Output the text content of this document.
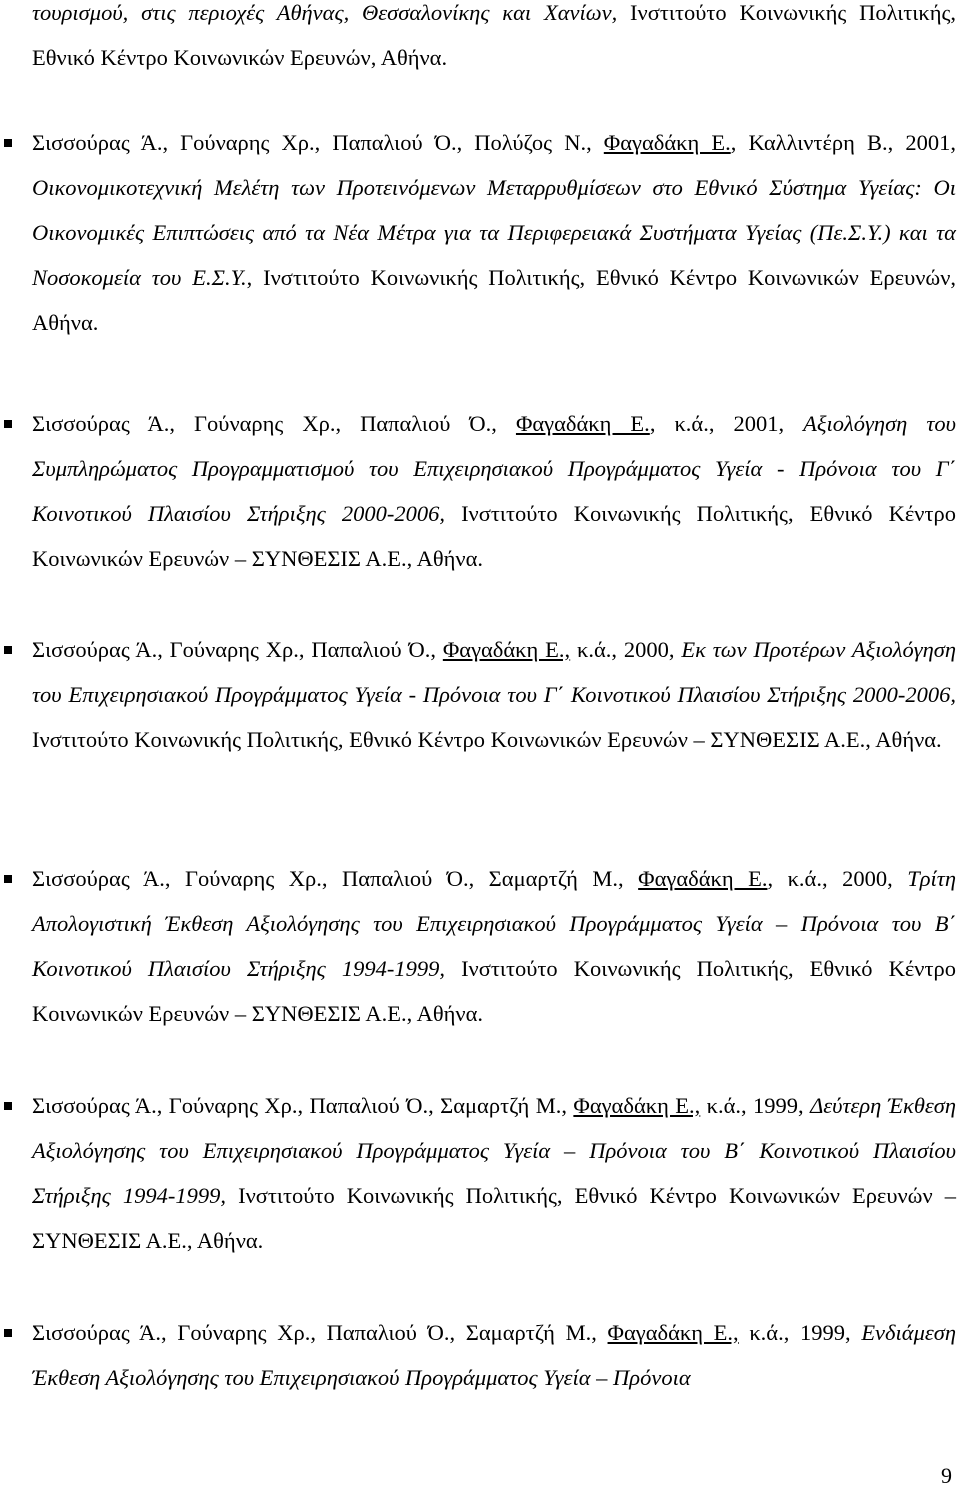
τουρισμού, στις περιοχές Αθήνας, Θεσσαλονίκης και Χανίων, Ινστιτούτο Κοινωνικής Πολιτικής, Εθνικό Κέντρο Κοινωνικών Ερευνών, Αθήνα.
Σισσούρας Ά., Γούναρης Χρ., Παπαλιού Ό., Πολύζος Ν., Φαγαδάκη Ε., Καλλιντέρη Β., 2001, Οικονομικοτεχνική Μελέτη των Προτεινόμενων Μεταρρυθμίσεων στο Εθνικό Σύστημα Υγείας: Οι Οικονομικές Επιπτώσεις από τα Νέα Μέτρα για τα Περιφερειακά Συστήματα Υγείας (Πε.Σ.Υ.) και τα Νοσοκομεία του Ε.Σ.Υ., Ινστιτούτο Κοινωνικής Πολιτικής, Εθνικό Κέντρο Κοινωνικών Ερευνών, Αθήνα.
Σισσούρας Ά., Γούναρης Χρ., Παπαλιού Ό., Φαγαδάκη Ε., κ.ά., 2001, Αξιολόγηση του Συμπληρώματος Προγραμματισμού του Επιχειρησιακού Προγράμματος Υγεία - Πρόνοια του Γ΄ Κοινοτικού Πλαισίου Στήριξης 2000-2006, Ινστιτούτο Κοινωνικής Πολιτικής, Εθνικό Κέντρο Κοινωνικών Ερευνών – ΣΥΝΘΕΣΙΣ Α.Ε., Αθήνα.
Σισσούρας Ά., Γούναρης Χρ., Παπαλιού Ό., Φαγαδάκη Ε., κ.ά., 2000, Εκ των Προτέρων Αξιολόγηση του Επιχειρησιακού Προγράμματος Υγεία - Πρόνοια του Γ΄ Κοινοτικού Πλαισίου Στήριξης 2000-2006, Ινστιτούτο Κοινωνικής Πολιτικής, Εθνικό Κέντρο Κοινωνικών Ερευνών – ΣΥΝΘΕΣΙΣ Α.Ε., Αθήνα.
Σισσούρας Ά., Γούναρης Χρ., Παπαλιού Ό., Σαμαρτζή Μ., Φαγαδάκη Ε., κ.ά., 2000, Τρίτη Απολογιστική Έκθεση Αξιολόγησης του Επιχειρησιακού Προγράμματος Υγεία – Πρόνοια του Β΄ Κοινοτικού Πλαισίου Στήριξης 1994-1999, Ινστιτούτο Κοινωνικής Πολιτικής, Εθνικό Κέντρο Κοινωνικών Ερευνών – ΣΥΝΘΕΣΙΣ Α.Ε., Αθήνα.
Σισσούρας Ά., Γούναρης Χρ., Παπαλιού Ό., Σαμαρτζή Μ., Φαγαδάκη Ε., κ.ά., 1999, Δεύτερη Έκθεση Αξιολόγησης του Επιχειρησιακού Προγράμματος Υγεία – Πρόνοια του Β΄ Κοινοτικού Πλαισίου Στήριξης 1994-1999, Ινστιτούτο Κοινωνικής Πολιτικής, Εθνικό Κέντρο Κοινωνικών Ερευνών – ΣΥΝΘΕΣΙΣ Α.Ε., Αθήνα.
Σισσούρας Ά., Γούναρης Χρ., Παπαλιού Ό., Σαμαρτζή Μ., Φαγαδάκη Ε., κ.ά., 1999, Ενδιάμεση Έκθεση Αξιολόγησης του Επιχειρησιακού Προγράμματος Υγεία – Πρόνοια
9
